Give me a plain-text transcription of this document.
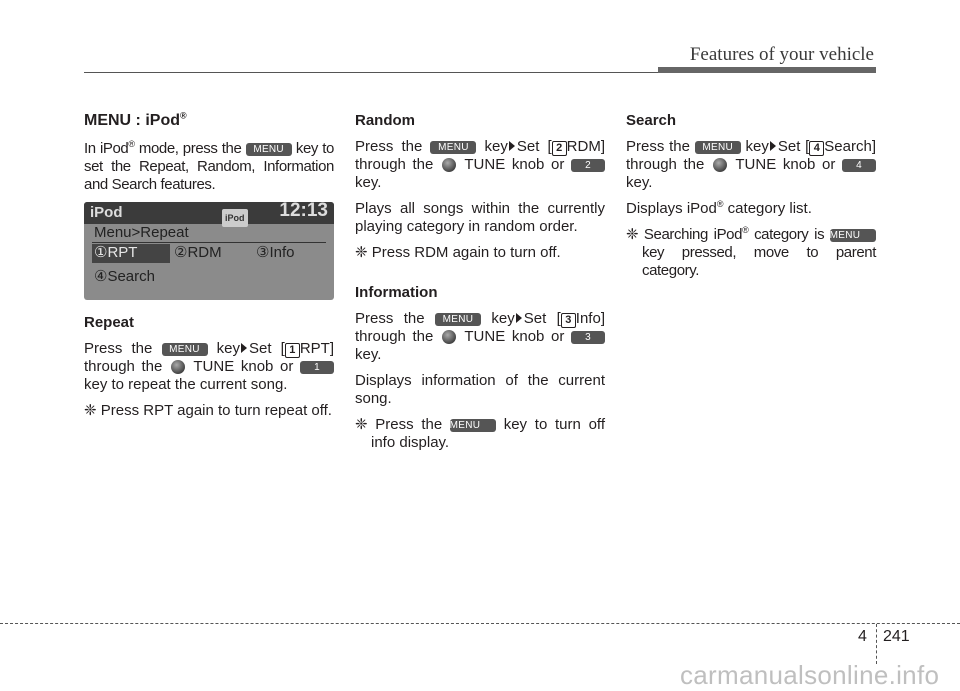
Features of your vehicle
MENU : iPod®

In iPod® mode, press the MENU key to set the Repeat, Random, Information and Search features.

iPod	iPod 12:13
Menu>Repeat
①RPT ②RDM ③Info
④Search
Repeat

Press the MENU key Set [ 1 RPT] through the TUNE knob or 1 RPT key to repeat the current song.

❈ Press RPT again to turn repeat off.

Random

Press the MENU key Set [ 2 RDM] through the TUNE knob or 2 key.

Plays all songs within the currently playing category in random order.

❈ Press RDM again to turn off.

Information

Press the MENU key Set [ 3 Info] through the TUNE knob or 3 key.

Displays information of the current song.

❈ Press the MENU key to turn off info display.

Search

Press the MENU key Set [ 4 Search] through the TUNE knob or 4 key.

Displays iPod® category list.

❈ Searching iPod® category is MENU key pressed, move to parent category.

4 241
carmanualsonline.info
